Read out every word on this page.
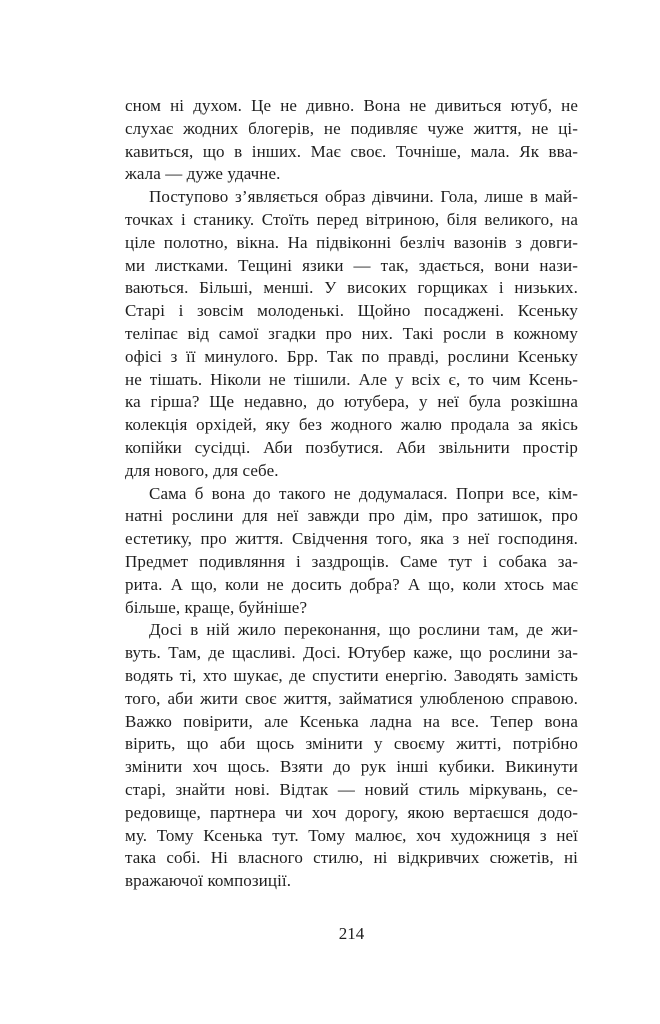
сном ні духом. Це не дивно. Вона не дивиться ютуб, не
слухає жодних блогерів, не подивляє чуже життя, не ці-
кавиться, що в інших. Має своє. Точніше, мала. Як вва-
жала — дуже удачне.
Поступово з’являється образ дівчини. Гола, лише в май-
точках і станику. Стоїть перед вітриною, біля великого, на
ціле полотно, вікна. На підвіконні безліч вазонів з довги-
ми листками. Тещині язики — так, здається, вони нази-
ваються. Більші, менші. У високих горщиках і низьких.
Старі і зовсім молоденькі. Щойно посаджені. Ксеньку
теліпає від самої згадки про них. Такі росли в кожному
офісі з її минулого. Брр. Так по правді, рослини Ксеньку
не тішать. Ніколи не тішили. Але у всіх є, то чим Ксень-
ка гірша? Ще недавно, до ютубера, у неї була розкішна
колекція орхідей, яку без жодного жалю продала за якісь
копійки сусідці. Аби позбутися. Аби звільнити простір
для нового, для себе.
Сама б вона до такого не додумалася. Попри все, кім-
натні рослини для неї завжди про дім, про затишок, про
естетику, про життя. Свідчення того, яка з неї господиня.
Предмет подивляння і заздрощів. Саме тут і собака за-
рита. А що, коли не досить добра? А що, коли хтось має
більше, краще, буйніше?
Досі в ній жило переконання, що рослини там, де жи-
вуть. Там, де щасливі. Досі. Ютубер каже, що рослини за-
водять ті, хто шукає, де спустити енергію. Заводять замість
того, аби жити своє життя, займатися улюбленою справою.
Важко повірити, але Ксенька ладна на все. Тепер вона
вірить, що аби щось змінити у своєму житті, потрібно
змінити хоч щось. Взяти до рук інші кубики. Викинути
старі, знайти нові. Відтак — новий стиль міркувань, се-
редовище, партнера чи хоч дорогу, якою вертаєшся додо-
му. Тому Ксенька тут. Тому малює, хоч художниця з неї
така собі. Ні власного стилю, ні відкривчих сюжетів, ні
вражаючої композиції.
214
